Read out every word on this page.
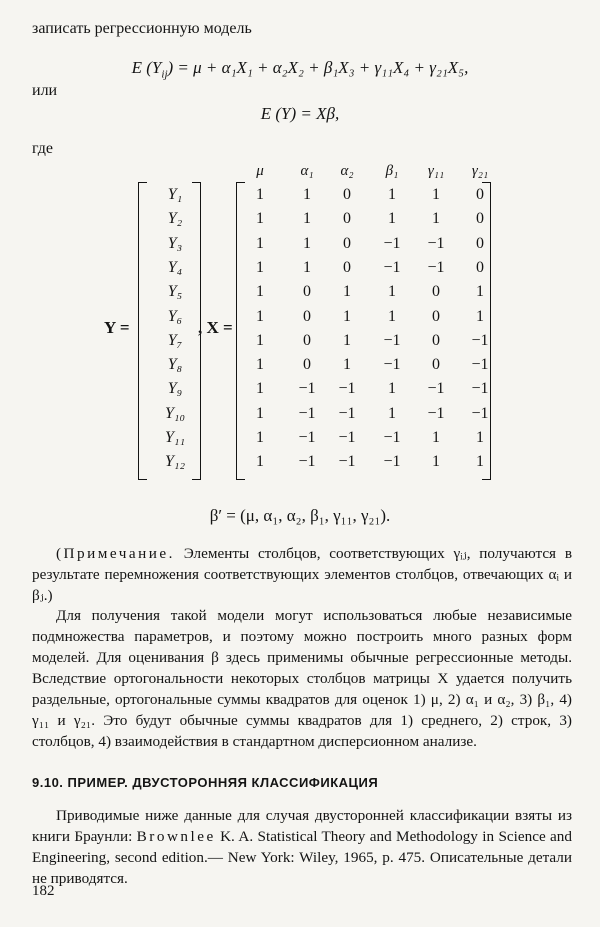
записать регрессионную модель
E $(Y_{ij}) = \mu + \alpha_1X_1 + \alpha_2X_2 + \beta_1X_3 + \gamma_{11}X_4 + \gamma_{21}X_5$,
или
E (Y) = Xβ,
где
Y =	, X =
μ	α₁	α₂	β₁	γ₁₁	γ₂₁
Y₁
Y₂
Y₃
Y₄
Y₅
Y₆
Y₇
Y₈
Y₉
Y₁₀
Y₁₁
Y₁₂
1	1	0	1	1	0
1	1	0	1	1	0
1	1	0	−1	−1	0
1	1	0	−1	−1	0
1	0	1	1	0	1
1	0	1	1	0	1
1	0	1	−1	0	−1
1	0	1	−1	0	−1
1	−1	−1	1	−1	−1
1	−1	−1	1	−1	−1
1	−1	−1	−1	1	1
1	−1	−1	−1	1	1
β′ = (μ, α₁, α₂, β₁, γ₁₁, γ₂₁).
(Примечание. Элементы столбцов, соответствующих γᵢⱼ, получаются в результате перемножения соответствующих элементов столбцов, отвечающих αᵢ и βⱼ.)
Для получения такой модели могут использоваться любые независимые подмножества параметров, и поэтому можно построить много разных форм моделей. Для оценивания β здесь применимы обычные регрессионные методы. Вследствие ортогональности некоторых столбцов матрицы X удается получить раздельные, ортогональные суммы квадратов для оценок 1) μ, 2) α₁ и α₂, 3) β₁, 4) γ₁₁ и γ₂₁. Это будут обычные суммы квадратов для 1) среднего, 2) строк, 3) столбцов, 4) взаимодействия в стандартном дисперсионном анализе.
9.10. ПРИМЕР. ДВУСТОРОННЯЯ КЛАССИФИКАЦИЯ
Приводимые ниже данные для случая двусторонней классификации взяты из книги Браунли: Brownlee K. A. Statistical Theory and Methodology in Science and Engineering, second edition.— New York: Wiley, 1965, p. 475. Описательные детали не приводятся.
182
